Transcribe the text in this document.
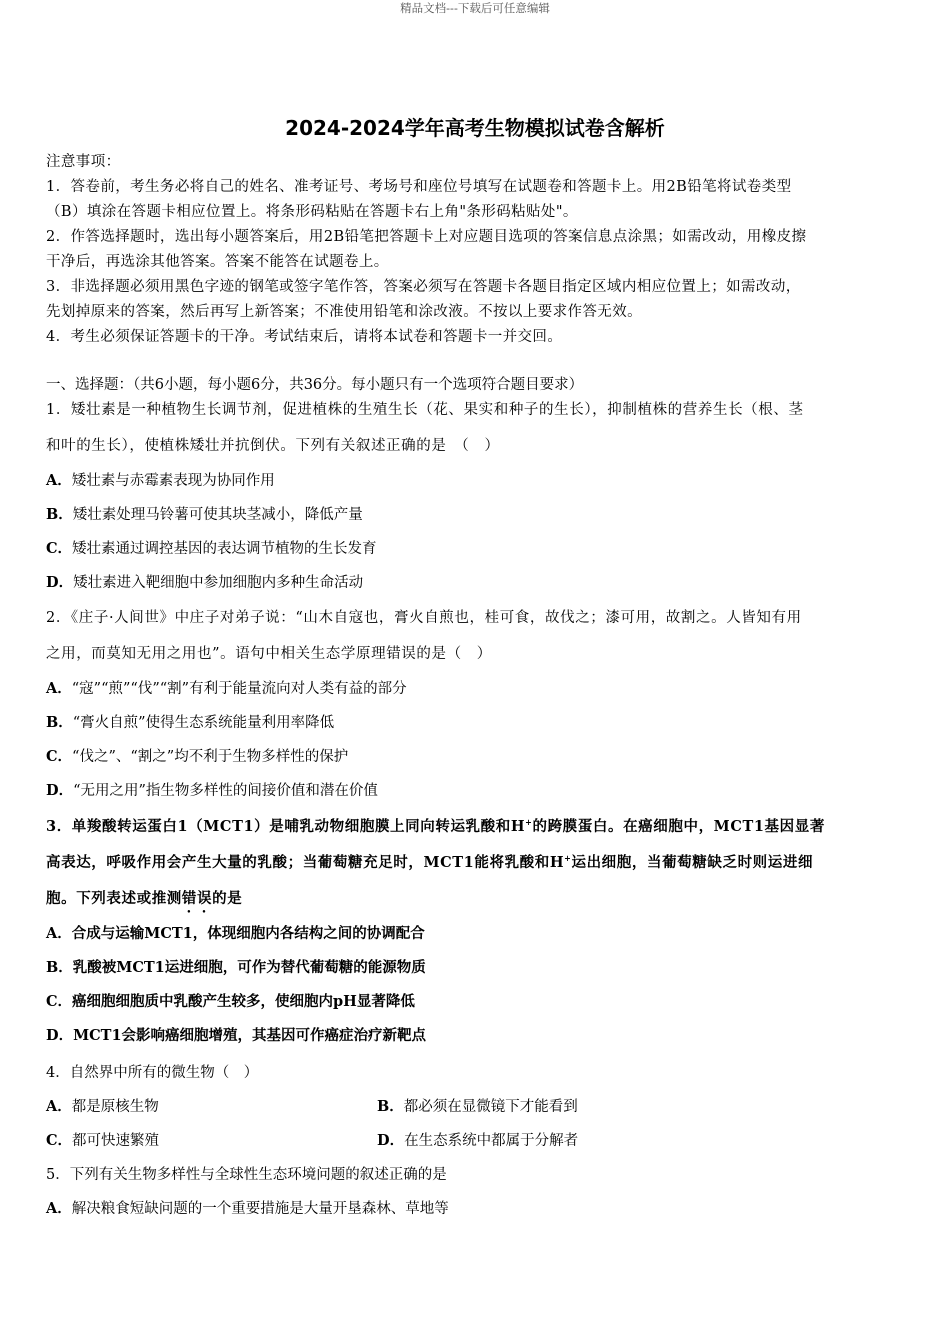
精品文档---下载后可任意编辑
2024-2024学年高考生物模拟试卷含解析
注意事项：
1．答卷前，考生务必将自己的姓名、准考证号、考场号和座位号填写在试题卷和答题卡上。用2B铅笔将试卷类型
（B）填涂在答题卡相应位置上。将条形码粘贴在答题卡右上角"条形码粘贴处"。
2．作答选择题时，选出每小题答案后，用2B铅笔把答题卡上对应题目选项的答案信息点涂黑；如需改动，用橡皮擦
干净后，再选涂其他答案。答案不能答在试题卷上。
3．非选择题必须用黑色字迹的钢笔或签字笔作答，答案必须写在答题卡各题目指定区域内相应位置上；如需改动，
先划掉原来的答案，然后再写上新答案；不准使用铅笔和涂改液。不按以上要求作答无效。
4．考生必须保证答题卡的干净。考试结束后，请将本试卷和答题卡一并交回。
一、选择题：（共6小题，每小题6分，共36分。每小题只有一个选项符合题目要求）
1．矮壮素是一种植物生长调节剂，促进植株的生殖生长（花、果实和种子的生长），抑制植株的营养生长（根、茎
和叶的生长），使植株矮壮并抗倒伏。下列有关叙述正确的是　（　）
A．矮壮素与赤霉素表现为协同作用
B．矮壮素处理马铃薯可使其块茎减小，降低产量
C．矮壮素通过调控基因的表达调节植物的生长发育
D．矮壮素进入靶细胞中参加细胞内多种生命活动
2．《庄子·人间世》中庄子对弟子说：“山木自寇也，膏火自煎也，桂可食，故伐之；漆可用，故割之。人皆知有用
之用，而莫知无用之用也”。语句中相关生态学原理错误的是（　）
A．“寇”“煎”“伐”“割”有利于能量流向对人类有益的部分
B．“膏火自煎”使得生态系统能量利用率降低
C．“伐之”、“割之”均不利于生物多样性的保护
D．“无用之用”指生物多样性的间接价值和潜在价值
3．单羧酸转运蛋白1（MCT1）是哺乳动物细胞膜上同向转运乳酸和H+的跨膜蛋白。在癌细胞中，MCT1基因显著
高表达，呼吸作用会产生大量的乳酸；当葡萄糖充足时，MCT1能将乳酸和H+运出细胞，当葡萄糖缺乏时则运进细
胞。下列表述或推测错误的是
A．合成与运输MCT1，体现细胞内各结构之间的协调配合
B．乳酸被MCT1运进细胞，可作为替代葡萄糖的能源物质
C．癌细胞细胞质中乳酸产生较多，使细胞内pH显著降低
D．MCT1会影响癌细胞增殖，其基因可作癌症治疗新靶点
4．自然界中所有的微生物（　）
A．都是原核生物	B．都必须在显微镜下才能看到
C．都可快速繁殖	D．在生态系统中都属于分解者
5．下列有关生物多样性与全球性生态环境问题的叙述正确的是
A．解决粮食短缺问题的一个重要措施是大量开垦森林、草地等
